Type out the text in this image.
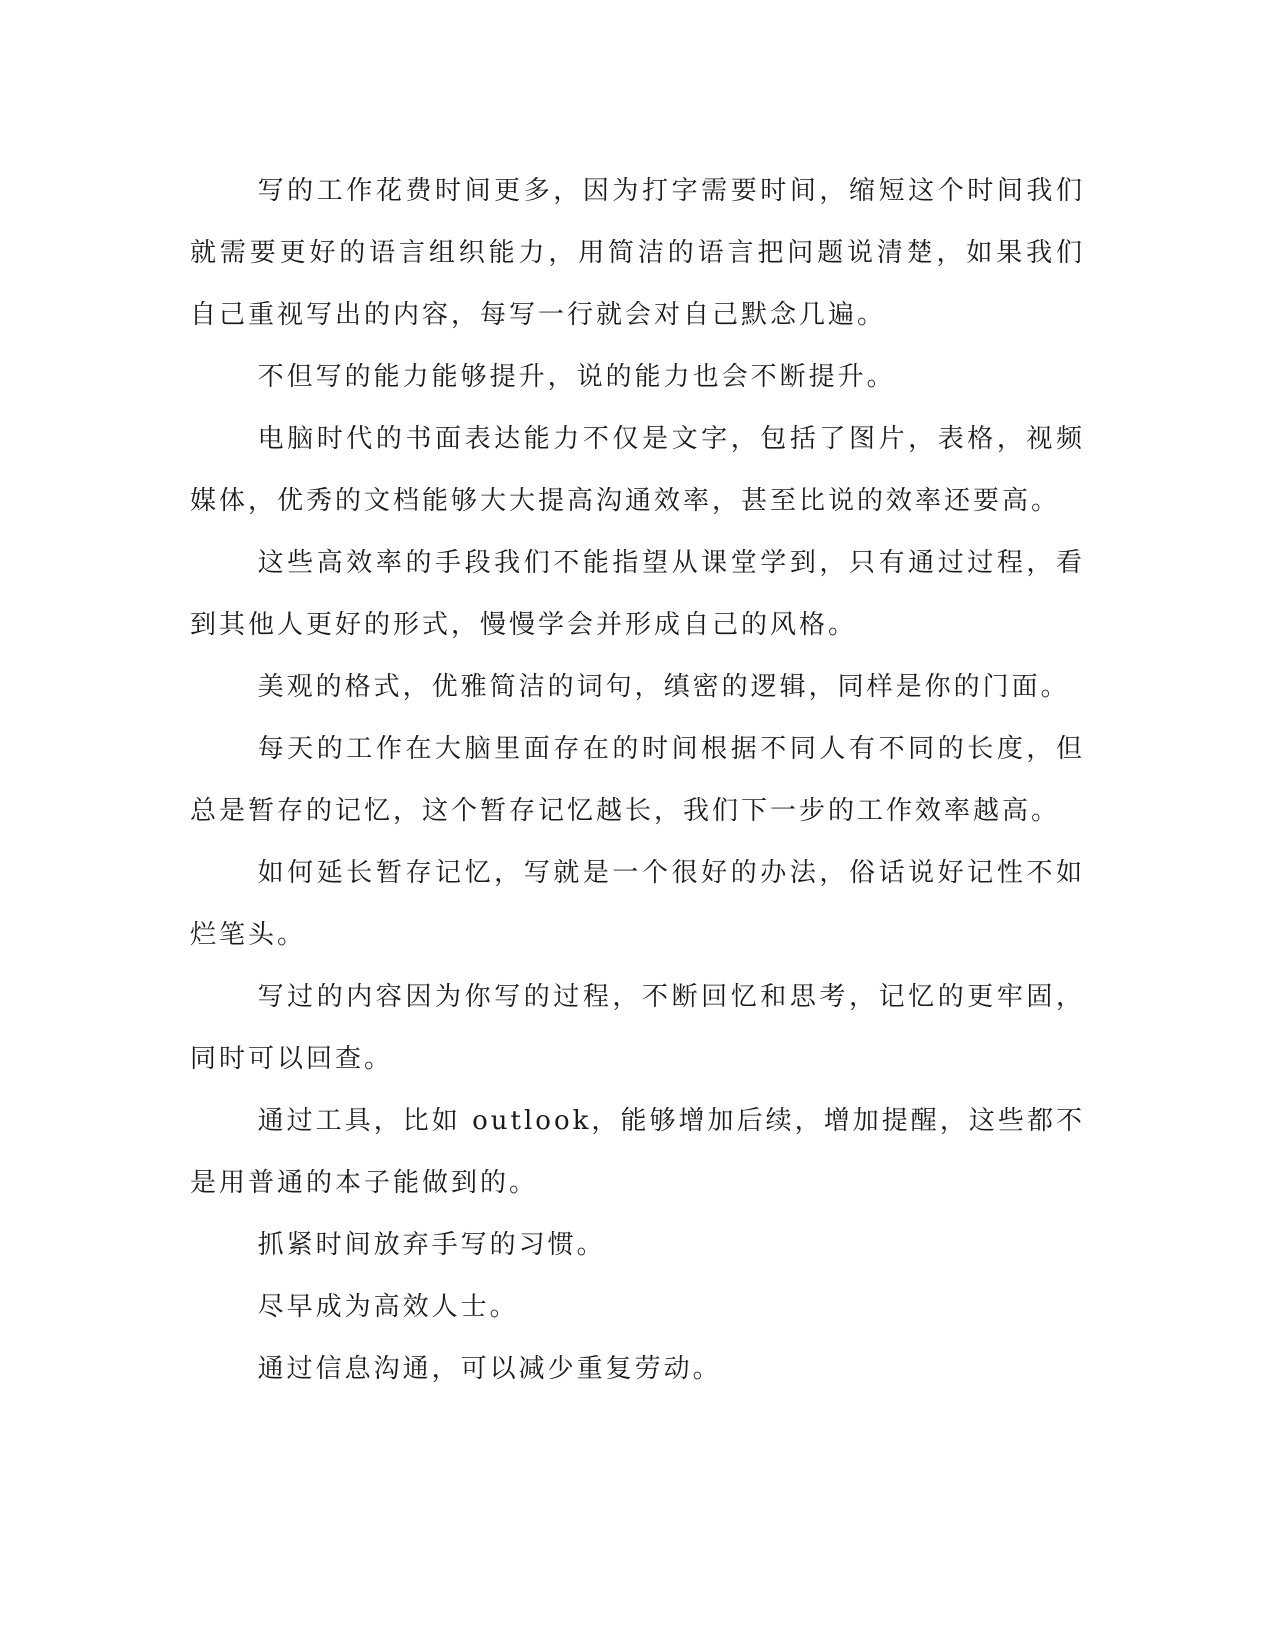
写的工作花费时间更多，因为打字需要时间，缩短这个时间我们就需要更好的语言组织能力，用简洁的语言把问题说清楚，如果我们自己重视写出的内容，每写一行就会对自己默念几遍。

不但写的能力能够提升，说的能力也会不断提升。

电脑时代的书面表达能力不仅是文字，包括了图片，表格，视频媒体，优秀的文档能够大大提高沟通效率，甚至比说的效率还要高。

这些高效率的手段我们不能指望从课堂学到，只有通过过程，看到其他人更好的形式，慢慢学会并形成自己的风格。

美观的格式，优雅简洁的词句，缜密的逻辑，同样是你的门面。

每天的工作在大脑里面存在的时间根据不同人有不同的长度，但总是暂存的记忆，这个暂存记忆越长，我们下一步的工作效率越高。

如何延长暂存记忆，写就是一个很好的办法，俗话说好记性不如烂笔头。

写过的内容因为你写的过程，不断回忆和思考，记忆的更牢固，同时可以回查。

通过工具，比如 outlook，能够增加后续，增加提醒，这些都不是用普通的本子能做到的。

抓紧时间放弃手写的习惯。

尽早成为高效人士。

通过信息沟通，可以减少重复劳动。
